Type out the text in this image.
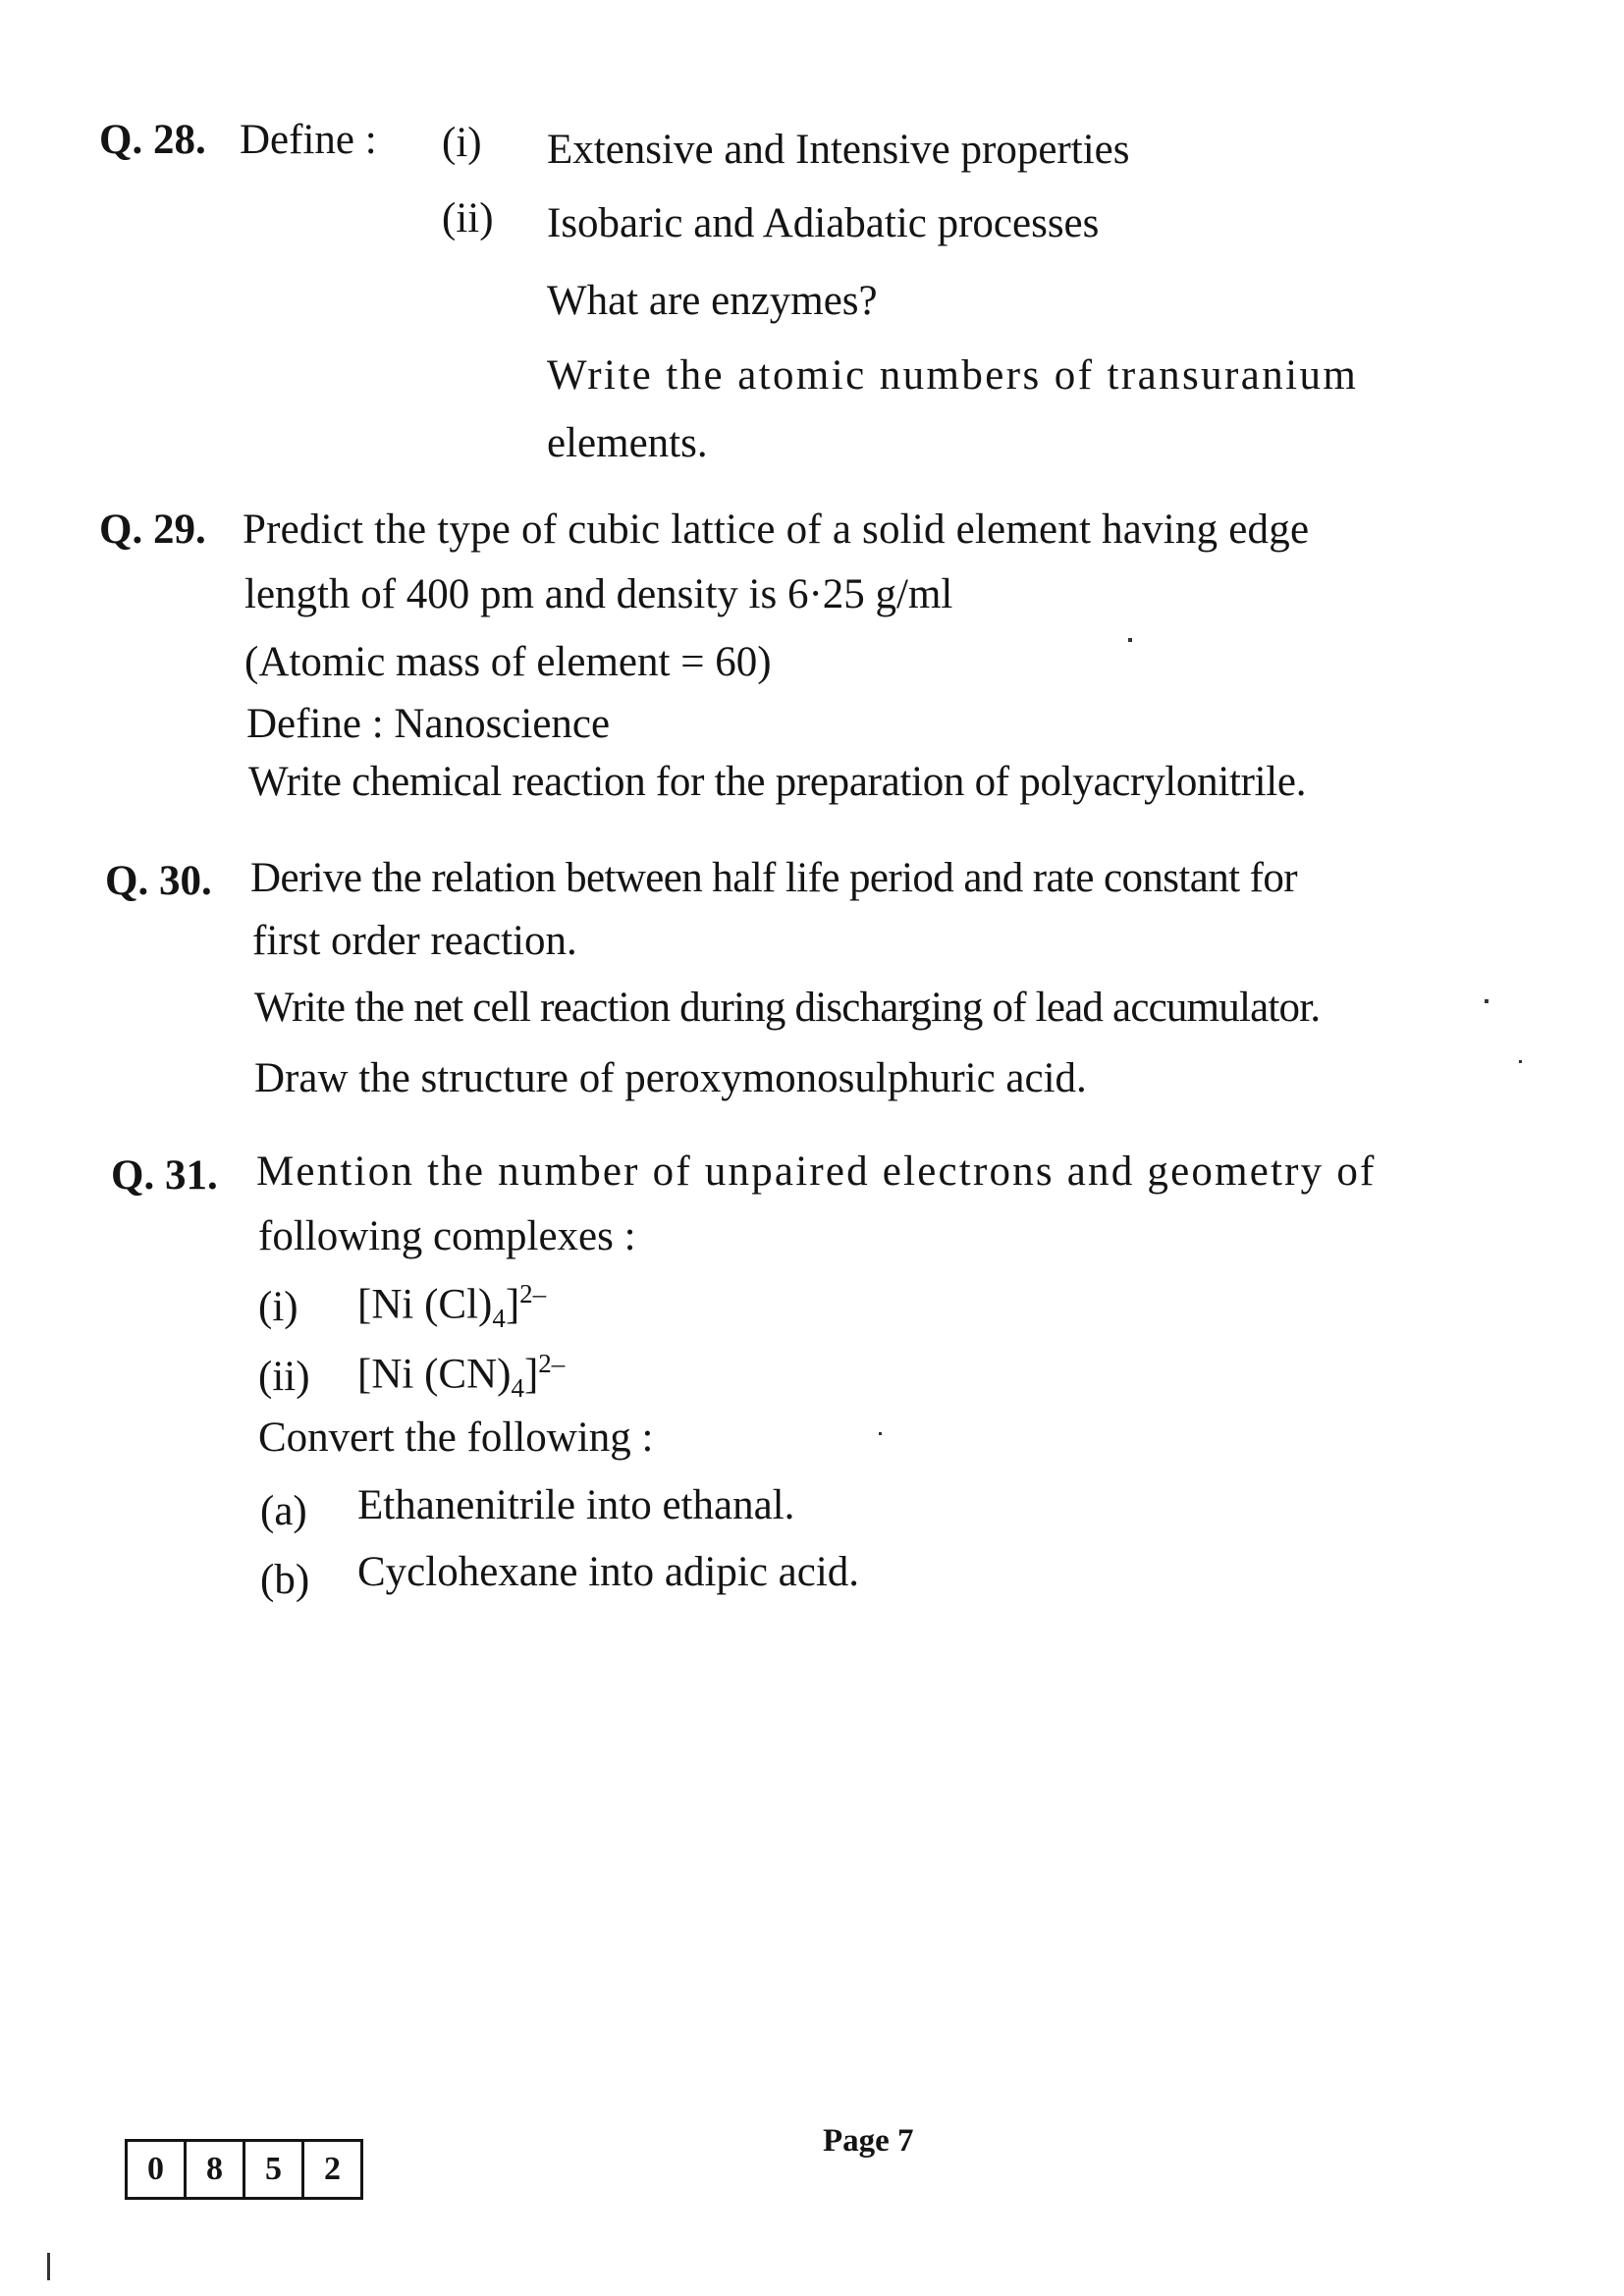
Q. 28. Define : (i) Extensive and Intensive properties
(ii) Isobaric and Adiabatic processes
What are enzymes?
Write the atomic numbers of transuranium
elements.
Q. 29. Predict the type of cubic lattice of a solid element having edge
length of 400 pm and density is 6·25 g/ml
(Atomic mass of element = 60)
Define : Nanoscience
Write chemical reaction for the preparation of polyacrylonitrile.
Q. 30. Derive the relation between half life period and rate constant for
first order reaction.
Write the net cell reaction during discharging of lead accumulator.
Draw the structure of peroxymonosulphuric acid.
Q. 31. Mention the number of unpaired electrons and geometry of
following complexes :
(i) [Ni $(Cl)_4]^{2-}$
(ii) [Ni $(CN)_4]^{2-}$
Convert the following :
(a) Ethanenitrile into ethanal.
(b) Cyclohexane into adipic acid.
0	8	5	2
Page 7
